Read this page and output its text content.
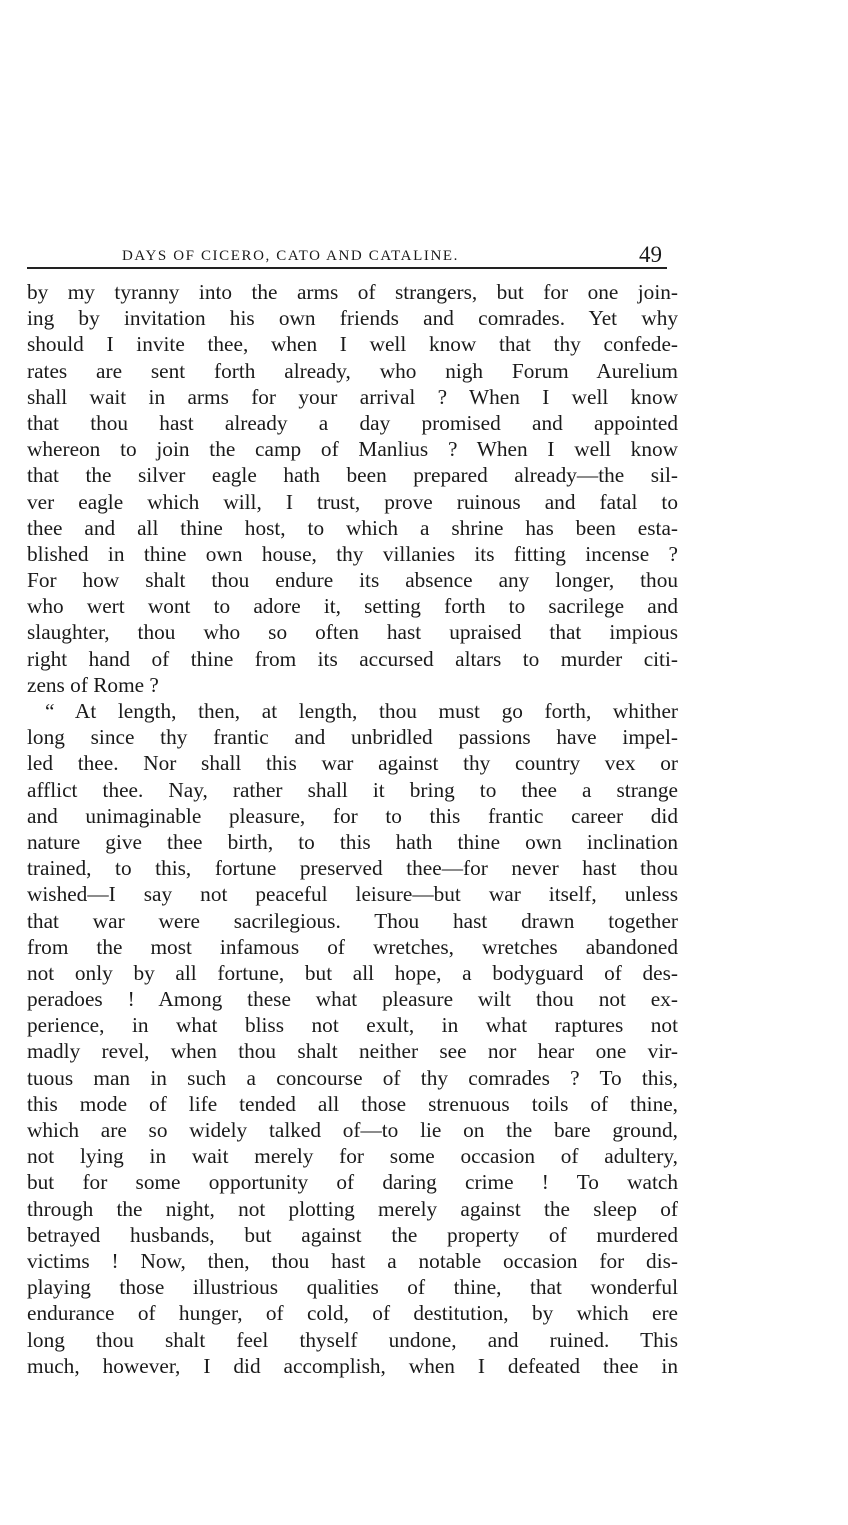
DAYS OF CICERO, CATO AND CATALINE.	49
by my tyranny into the arms of strangers, but for one join-
ing by invitation his own friends and comrades. Yet why
should I invite thee, when I well know that thy confede-
rates are sent forth already, who nigh Forum Aurelium
shall wait in arms for your arrival ? When I well know
that thou hast already a day promised and appointed
whereon to join the camp of Manlius ? When I well know
that the silver eagle hath been prepared already—the sil-
ver eagle which will, I trust, prove ruinous and fatal to
thee and all thine host, to which a shrine has been esta-
blished in thine own house, thy villanies its fitting incense ?
For how shalt thou endure its absence any longer, thou
who wert wont to adore it, setting forth to sacrilege and
slaughter, thou who so often hast upraised that impious
right hand of thine from its accursed altars to murder citi-
zens of Rome ?
“ At length, then, at length, thou must go forth, whither
long since thy frantic and unbridled passions have impel-
led thee. Nor shall this war against thy country vex or
afflict thee. Nay, rather shall it bring to thee a strange
and unimaginable pleasure, for to this frantic career did
nature give thee birth, to this hath thine own inclination
trained, to this, fortune preserved thee—for never hast thou
wished—I say not peaceful leisure—but war itself, unless
that war were sacrilegious. Thou hast drawn together
from the most infamous of wretches, wretches abandoned
not only by all fortune, but all hope, a bodyguard of des-
peradoes ! Among these what pleasure wilt thou not ex-
perience, in what bliss not exult, in what raptures not
madly revel, when thou shalt neither see nor hear one vir-
tuous man in such a concourse of thy comrades ? To this,
this mode of life tended all those strenuous toils of thine,
which are so widely talked of—to lie on the bare ground,
not lying in wait merely for some occasion of adultery,
but for some opportunity of daring crime ! To watch
through the night, not plotting merely against the sleep of
betrayed husbands, but against the property of murdered
victims ! Now, then, thou hast a notable occasion for dis-
playing those illustrious qualities of thine, that wonderful
endurance of hunger, of cold, of destitution, by which ere
long thou shalt feel thyself undone, and ruined. This
much, however, I did accomplish, when I defeated thee in
